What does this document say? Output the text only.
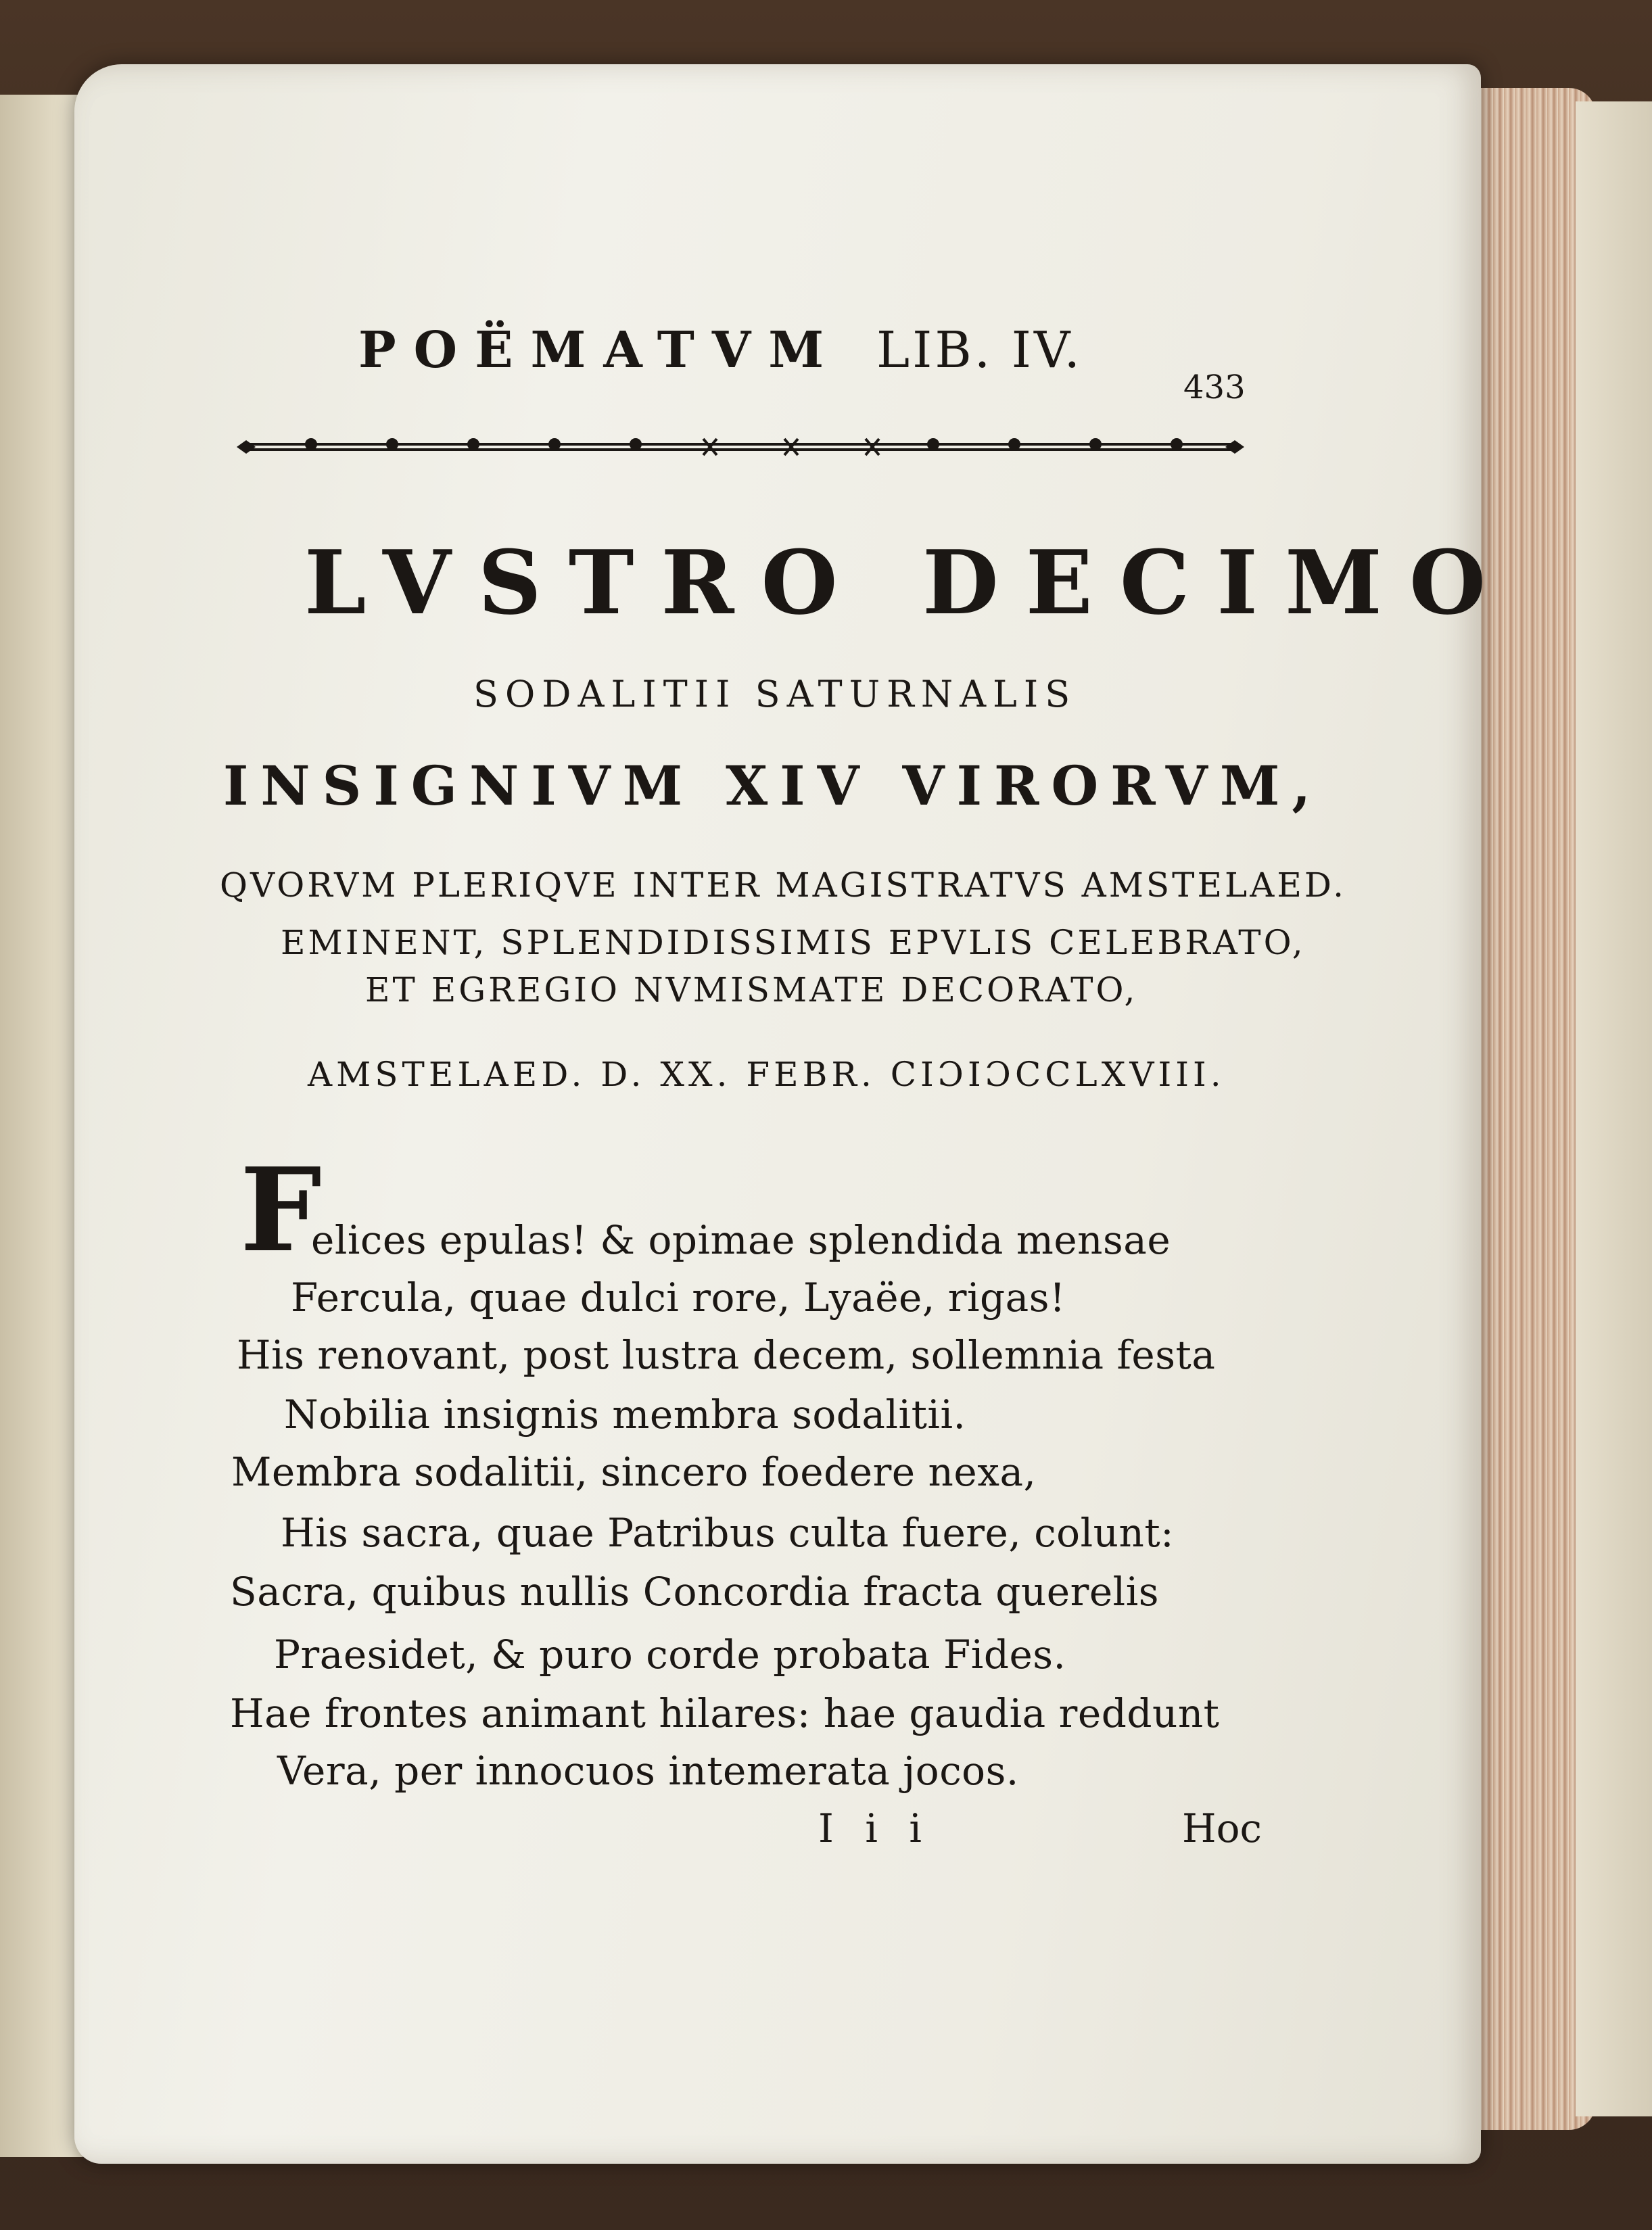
POËMATVM LIB. IV.
433
LVSTRO DECIMO
SODALITII SATURNALIS
INSIGNIVM XIV VIRORVM,
QVORVM PLERIQVE INTER MAGISTRATVS AMSTELAED.
EMINENT, SPLENDIDISSIMIS EPVLIS CELEBRATO,
ET EGREGIO NVMISMATE DECORATO,
AMSTELAED. D. XX. FEBR. CIƆIƆCCLXVIII.
F
elices epulas! & opimae splendida mensae
Fercula, quae dulci rore, Lyaëe, rigas!
His renovant, post lustra decem, sollemnia festa
Nobilia insignis membra sodalitii.
Membra sodalitii, sincero foedere nexa,
His sacra, quae Patribus culta fuere, colunt:
Sacra, quibus nullis Concordia fracta querelis
Praesidet, & puro corde probata Fides.
Hae frontes animant hilares: hae gaudia reddunt
Vera, per innocuos intemerata jocos.
I i i	Hoc
